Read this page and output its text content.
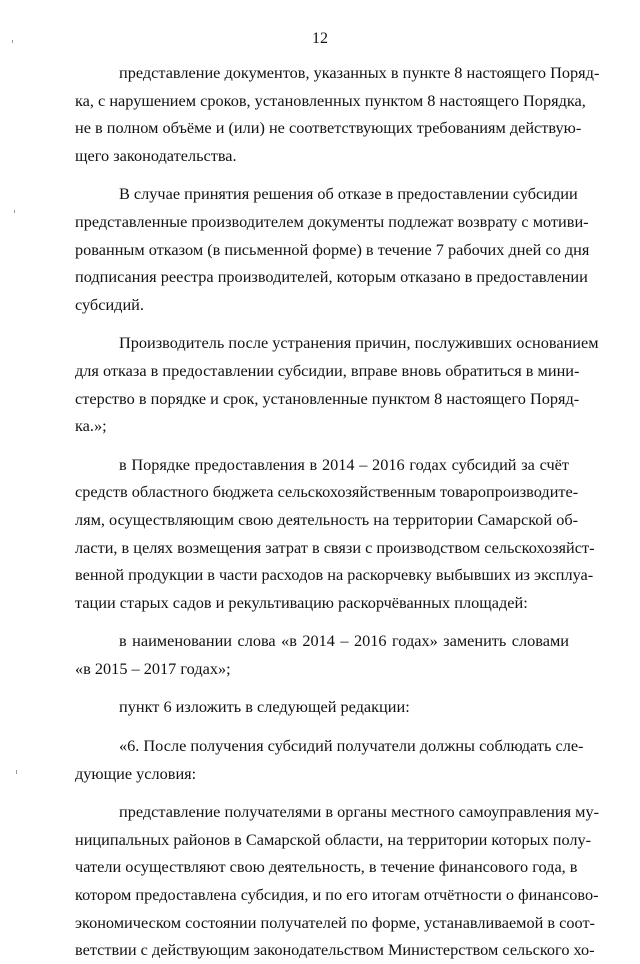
12
представление документов, указанных в пункте 8 настоящего Поряд-
ка, с нарушением сроков, установленных пунктом 8 настоящего Порядка,
не в полном объёме и (или) не соответствующих требованиям действую-
щего законодательства.
В случае принятия решения об отказе в предоставлении субсидии
представленные производителем документы подлежат возврату с мотиви-
рованным отказом (в письменной форме) в течение 7 рабочих дней со дня
подписания реестра производителей, которым отказано в предоставлении
субсидий.
Производитель после устранения причин, послуживших основанием
для отказа в предоставлении субсидии, вправе вновь обратиться в мини-
стерство в порядке и срок, установленные пунктом 8 настоящего Поряд-
ка.»;
в Порядке предоставления в 2014 – 2016 годах субсидий за счёт
средств областного бюджета сельскохозяйственным товаропроизводите-
лям, осуществляющим свою деятельность на территории Самарской об-
ласти, в целях возмещения затрат в связи с производством сельскохозяйст-
венной продукции в части расходов на раскорчевку выбывших из эксплуа-
тации старых садов и рекультивацию раскорчёванных площадей:
в наименовании слова «в 2014 – 2016 годах» заменить словами
«в 2015 – 2017 годах»;
пункт 6 изложить в следующей редакции:
«6. После получения субсидий получатели должны соблюдать сле-
дующие условия:
представление получателями в органы местного самоуправления му-
ниципальных районов в Самарской области, на территории которых полу-
чатели осуществляют свою деятельность, в течение финансового года, в
котором предоставлена субсидия, и по его итогам отчётности о финансово-
экономическом состоянии получателей по форме, устанавливаемой в соот-
ветствии с действующим законодательством Министерством сельского хо-
